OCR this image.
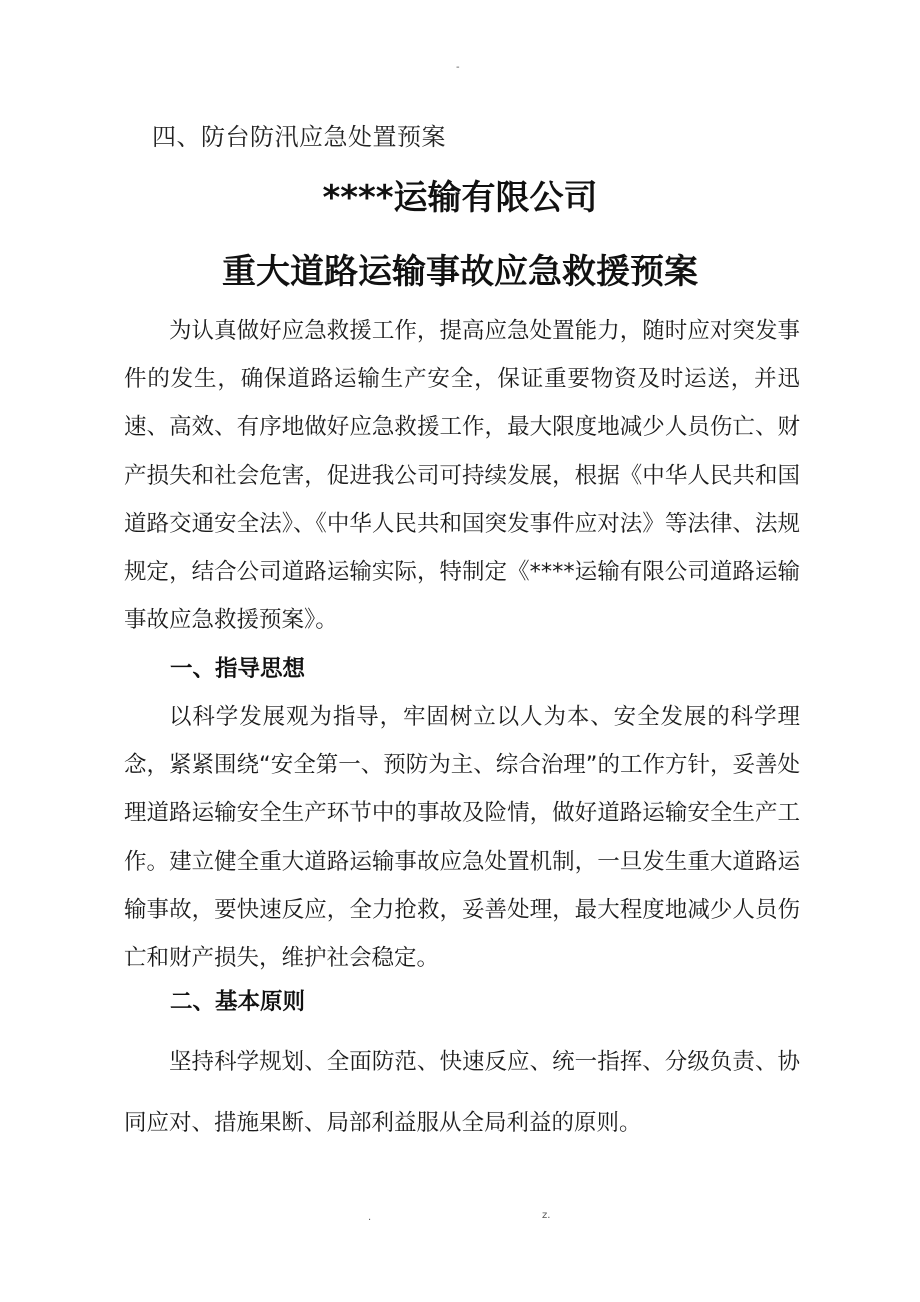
-
四、防台防汛应急处置预案
****运输有限公司
重大道路运输事故应急救援预案
为认真做好应急救援工作，提高应急处置能力，随时应对突发事件的发生，确保道路运输生产安全，保证重要物资及时运送，并迅速、高效、有序地做好应急救援工作，最大限度地减少人员伤亡、财产损失和社会危害，促进我公司可持续发展，根据《中华人民共和国道路交通安全法》、《中华人民共和国突发事件应对法》等法律、法规规定，结合公司道路运输实际，特制定《****运输有限公司道路运输事故应急救援预案》。
一、指导思想
以科学发展观为指导，牢固树立以人为本、安全发展的科学理念，紧紧围绕“安全第一、预防为主、综合治理”的工作方针，妥善处理道路运输安全生产环节中的事故及险情，做好道路运输安全生产工作。建立健全重大道路运输事故应急处置机制，一旦发生重大道路运输事故，要快速反应，全力抢救，妥善处理，最大程度地减少人员伤亡和财产损失，维护社会稳定。
二、基本原则
坚持科学规划、全面防范、快速反应、统一指挥、分级负责、协同应对、措施果断、局部利益服从全局利益的原则。
.	z.
